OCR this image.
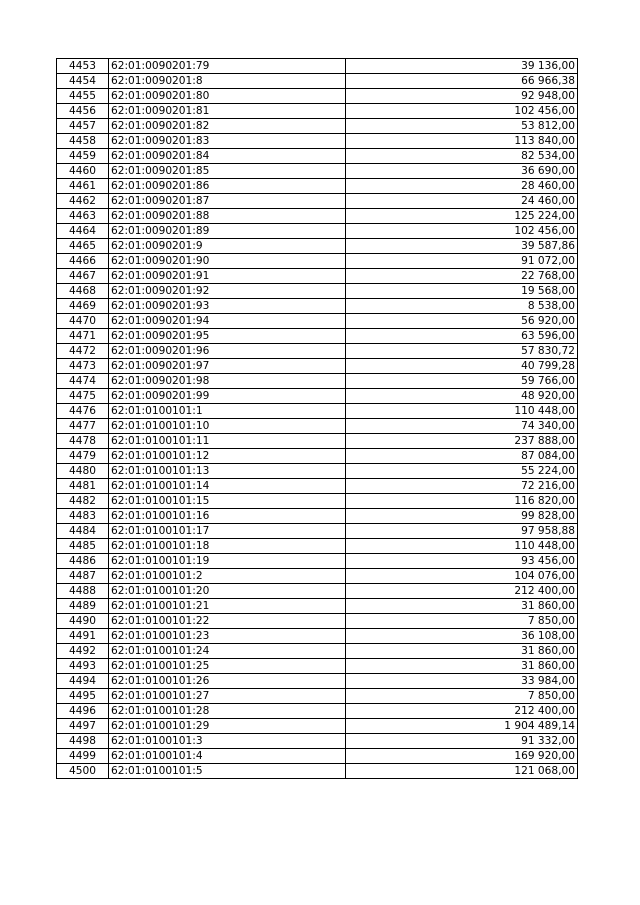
4453	62:01:0090201:79	39 136,00
4454	62:01:0090201:8	66 966,38
4455	62:01:0090201:80	92 948,00
4456	62:01:0090201:81	102 456,00
4457	62:01:0090201:82	53 812,00
4458	62:01:0090201:83	113 840,00
4459	62:01:0090201:84	82 534,00
4460	62:01:0090201:85	36 690,00
4461	62:01:0090201:86	28 460,00
4462	62:01:0090201:87	24 460,00
4463	62:01:0090201:88	125 224,00
4464	62:01:0090201:89	102 456,00
4465	62:01:0090201:9	39 587,86
4466	62:01:0090201:90	91 072,00
4467	62:01:0090201:91	22 768,00
4468	62:01:0090201:92	19 568,00
4469	62:01:0090201:93	8 538,00
4470	62:01:0090201:94	56 920,00
4471	62:01:0090201:95	63 596,00
4472	62:01:0090201:96	57 830,72
4473	62:01:0090201:97	40 799,28
4474	62:01:0090201:98	59 766,00
4475	62:01:0090201:99	48 920,00
4476	62:01:0100101:1	110 448,00
4477	62:01:0100101:10	74 340,00
4478	62:01:0100101:11	237 888,00
4479	62:01:0100101:12	87 084,00
4480	62:01:0100101:13	55 224,00
4481	62:01:0100101:14	72 216,00
4482	62:01:0100101:15	116 820,00
4483	62:01:0100101:16	99 828,00
4484	62:01:0100101:17	97 958,88
4485	62:01:0100101:18	110 448,00
4486	62:01:0100101:19	93 456,00
4487	62:01:0100101:2	104 076,00
4488	62:01:0100101:20	212 400,00
4489	62:01:0100101:21	31 860,00
4490	62:01:0100101:22	7 850,00
4491	62:01:0100101:23	36 108,00
4492	62:01:0100101:24	31 860,00
4493	62:01:0100101:25	31 860,00
4494	62:01:0100101:26	33 984,00
4495	62:01:0100101:27	7 850,00
4496	62:01:0100101:28	212 400,00
4497	62:01:0100101:29	1 904 489,14
4498	62:01:0100101:3	91 332,00
4499	62:01:0100101:4	169 920,00
4500	62:01:0100101:5	121 068,00
